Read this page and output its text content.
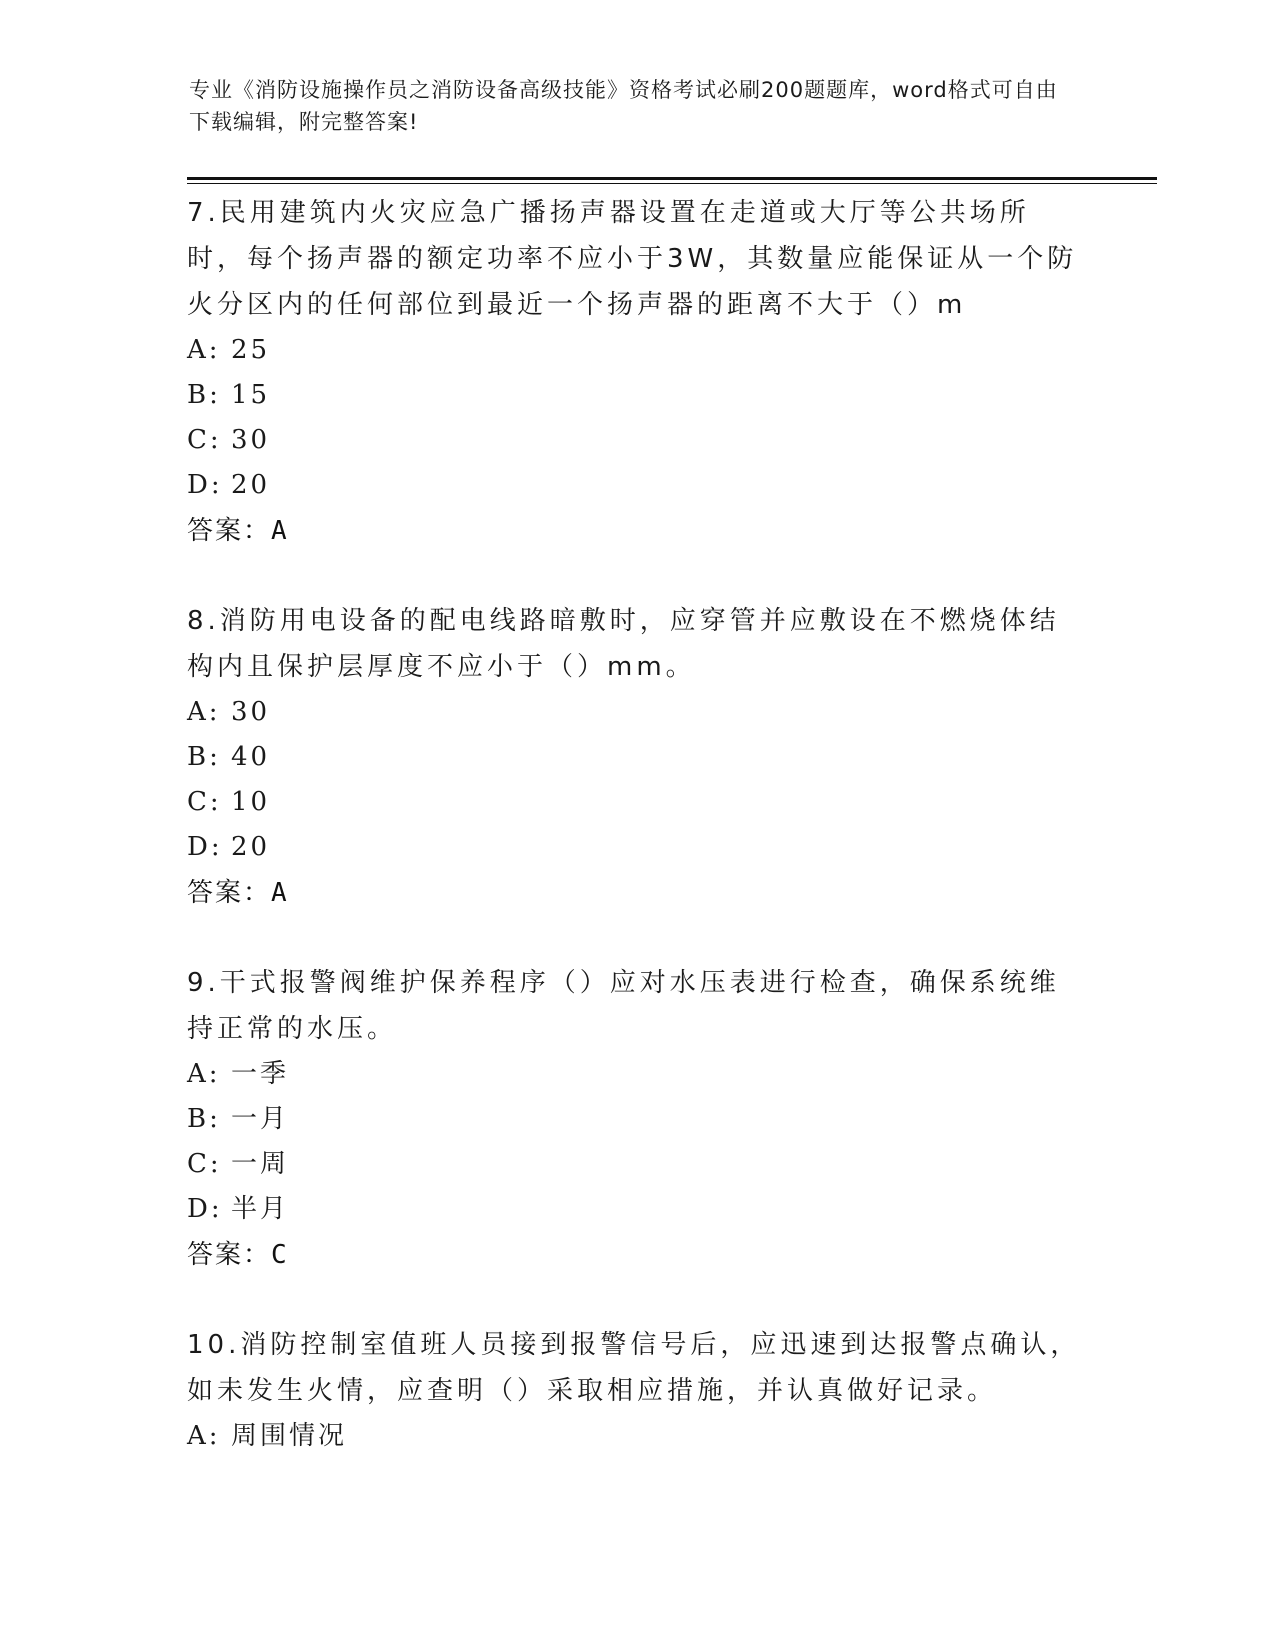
专业《消防设施操作员之消防设备高级技能》资格考试必刷200题题库，word格式可自由下载编辑，附完整答案!

7.民用建筑内火灾应急广播扬声器设置在走道或大厅等公共场所时，每个扬声器的额定功率不应小于3W，其数量应能保证从一个防火分区内的任何部位到最近一个扬声器的距离不大于（）m

A: 25
B: 15
C: 30
D: 20
答案：A

8.消防用电设备的配电线路暗敷时，应穿管并应敷设在不燃烧体结构内且保护层厚度不应小于（）mm。

A: 30
B: 40
C: 10
D: 20
答案：A

9.干式报警阀维护保养程序（）应对水压表进行检查，确保系统维持正常的水压。

A: 一季
B: 一月
C: 一周
D: 半月
答案：C

10.消防控制室值班人员接到报警信号后，应迅速到达报警点确认，如未发生火情，应查明（）采取相应措施，并认真做好记录。

A: 周围情况
